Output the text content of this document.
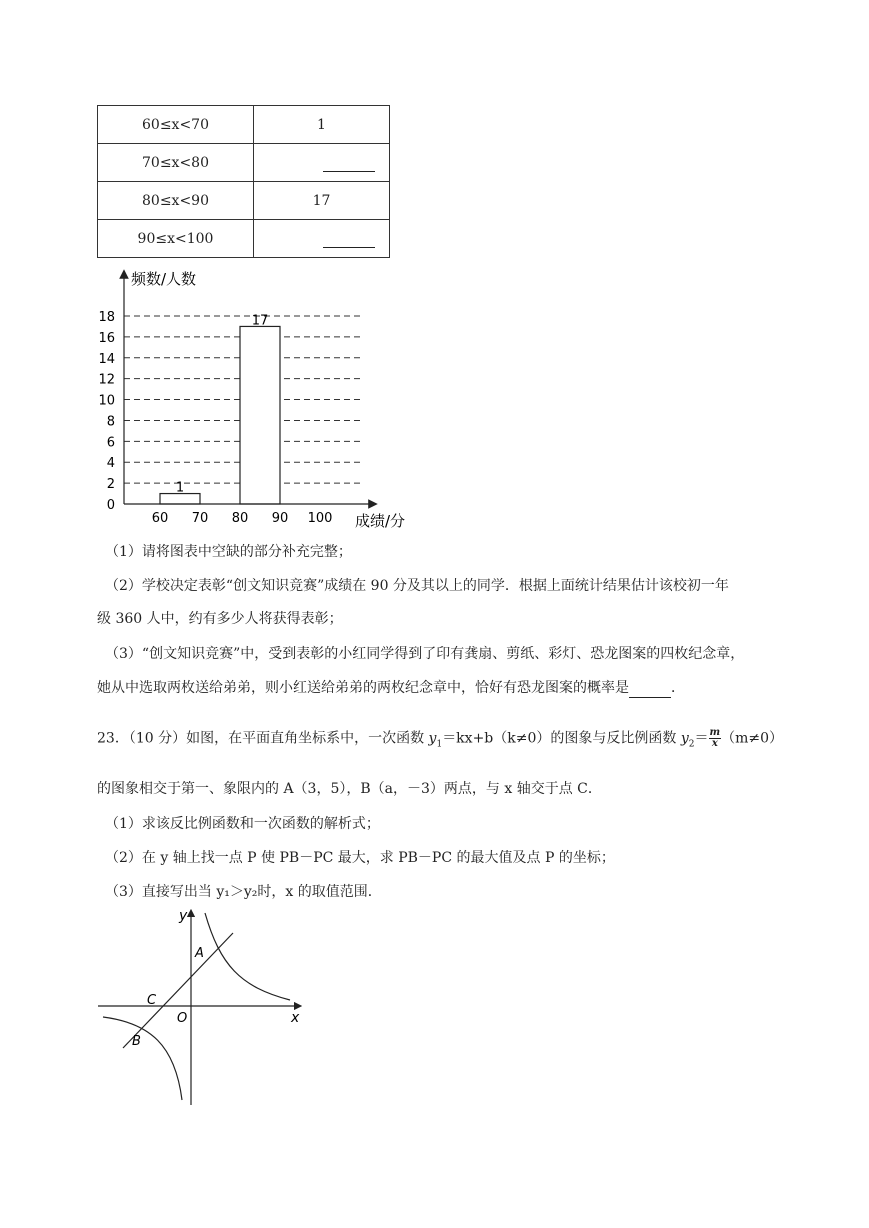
60≤x<70	1
70≤x<80	

80≤x<90	17
90≤x<100	
0
2
4
6
8
10
12
14
16
18
60 70 80 90 100
1
17
频数/人数
成绩/分
（1）请将图表中空缺的部分补充完整；
（2）学校决定表彰“创文知识竞赛”成绩在 90 分及其以上的同学．根据上面统计结果估计该校初一年
级 360 人中，约有多少人将获得表彰；
（3）“创文知识竞赛”中，受到表彰的小红同学得到了印有龚扇、剪纸、彩灯、恐龙图案的四枚纪念章，
她从中选取两枚送给弟弟，则小红送给弟弟的两枚纪念章中，恰好有恐龙图案的概率是	．
23．（10 分）如图，在平面直角坐标系中，一次函数 $y_1=kx+b(k\ne 0)$的图象与反比例函数 $y_2= \frac{m}{x} (m\ne 0)$
的图象相交于第一、象限内的 A（3，5），B（a，－3）两点，与 x 轴交于点 C．
（1）求该反比例函数和一次函数的解析式；
（2）在 y 轴上找一点 P 使 PB－PC 最大，求 PB－PC 的最大值及点 P 的坐标；
（3）直接写出当 y₁＞y₂时，x 的取值范围．
y
x
O
A
B
C
